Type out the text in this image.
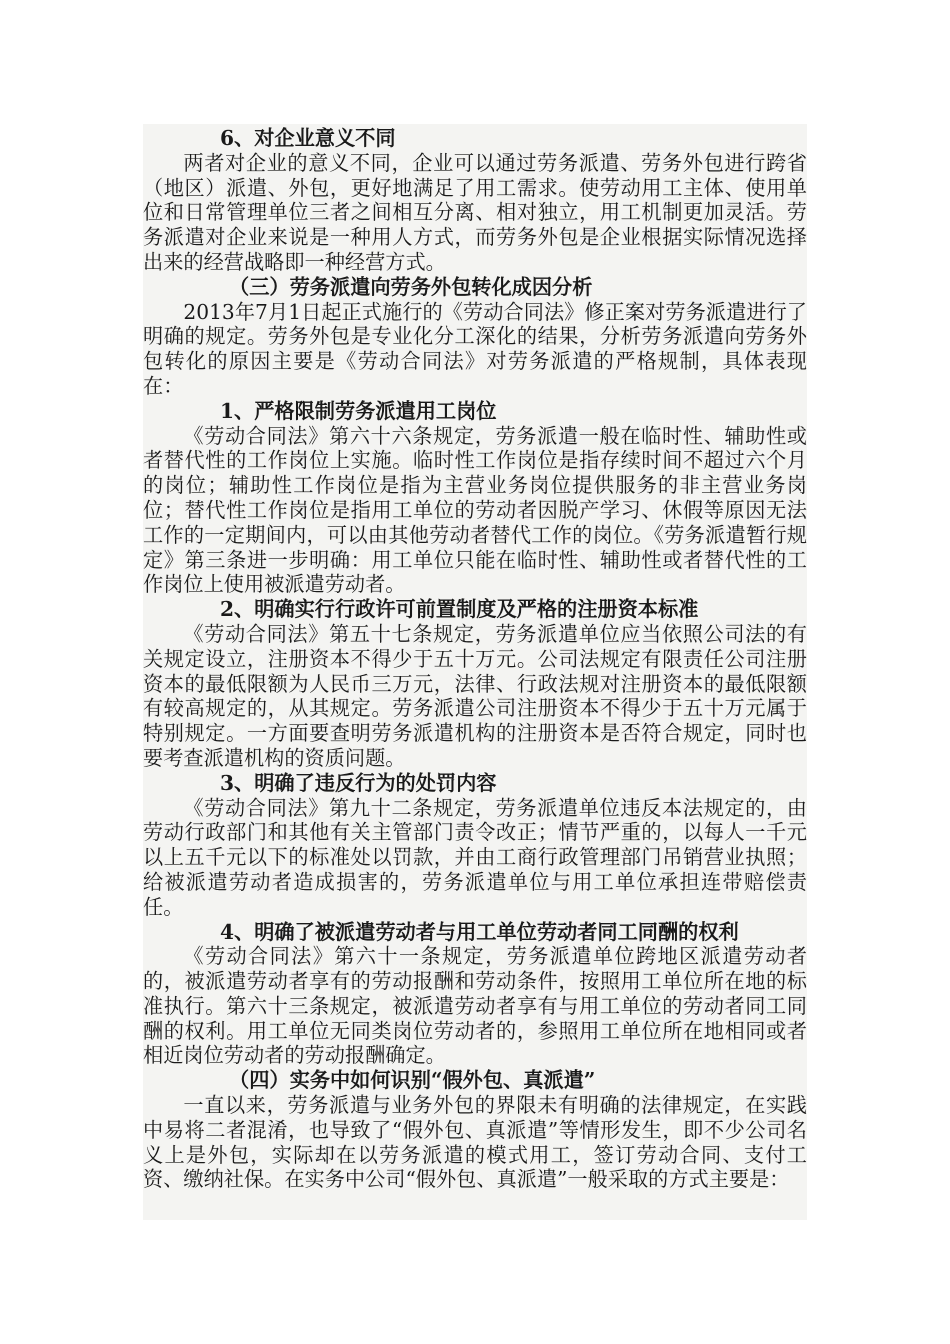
6、对企业意义不同

两者对企业的意义不同，企业可以通过劳务派遣、劳务外包进行跨省（地区）派遣、外包，更好地满足了用工需求。使劳动用工主体、使用单位和日常管理单位三者之间相互分离、相对独立，用工机制更加灵活。劳务派遣对企业来说是一种用人方式，而劳务外包是企业根据实际情况选择出来的经营战略即一种经营方式。

（三）劳务派遣向劳务外包转化成因分析

2013年7月1日起正式施行的《劳动合同法》修正案对劳务派遣进行了明确的规定。劳务外包是专业化分工深化的结果，分析劳务派遣向劳务外包转化的原因主要是《劳动合同法》对劳务派遣的严格规制，具体表现在：

1、严格限制劳务派遣用工岗位

《劳动合同法》第六十六条规定，劳务派遣一般在临时性、辅助性或者替代性的工作岗位上实施。临时性工作岗位是指存续时间不超过六个月的岗位；辅助性工作岗位是指为主营业务岗位提供服务的非主营业务岗位；替代性工作岗位是指用工单位的劳动者因脱产学习、休假等原因无法工作的一定期间内，可以由其他劳动者替代工作的岗位。《劳务派遣暂行规定》第三条进一步明确：用工单位只能在临时性、辅助性或者替代性的工作岗位上使用被派遣劳动者。

2、明确实行行政许可前置制度及严格的注册资本标准

《劳动合同法》第五十七条规定，劳务派遣单位应当依照公司法的有关规定设立，注册资本不得少于五十万元。公司法规定有限责任公司注册资本的最低限额为人民币三万元，法律、行政法规对注册资本的最低限额有较高规定的，从其规定。劳务派遣公司注册资本不得少于五十万元属于特别规定。一方面要查明劳务派遣机构的注册资本是否符合规定，同时也要考查派遣机构的资质问题。

3、明确了违反行为的处罚内容

《劳动合同法》第九十二条规定，劳务派遣单位违反本法规定的，由劳动行政部门和其他有关主管部门责令改正；情节严重的，以每人一千元以上五千元以下的标准处以罚款，并由工商行政管理部门吊销营业执照；给被派遣劳动者造成损害的，劳务派遣单位与用工单位承担连带赔偿责任。

4、明确了被派遣劳动者与用工单位劳动者同工同酬的权利

《劳动合同法》第六十一条规定，劳务派遣单位跨地区派遣劳动者的，被派遣劳动者享有的劳动报酬和劳动条件，按照用工单位所在地的标准执行。第六十三条规定，被派遣劳动者享有与用工单位的劳动者同工同酬的权利。用工单位无同类岗位劳动者的，参照用工单位所在地相同或者相近岗位劳动者的劳动报酬确定。

（四）实务中如何识别“假外包、真派遣”

一直以来，劳务派遣与业务外包的界限未有明确的法律规定，在实践中易将二者混淆，也导致了“假外包、真派遣”等情形发生，即不少公司名义上是外包，实际却在以劳务派遣的模式用工，签订劳动合同、支付工资、缴纳社保。在实务中公司“假外包、真派遣”一般采取的方式主要是：
